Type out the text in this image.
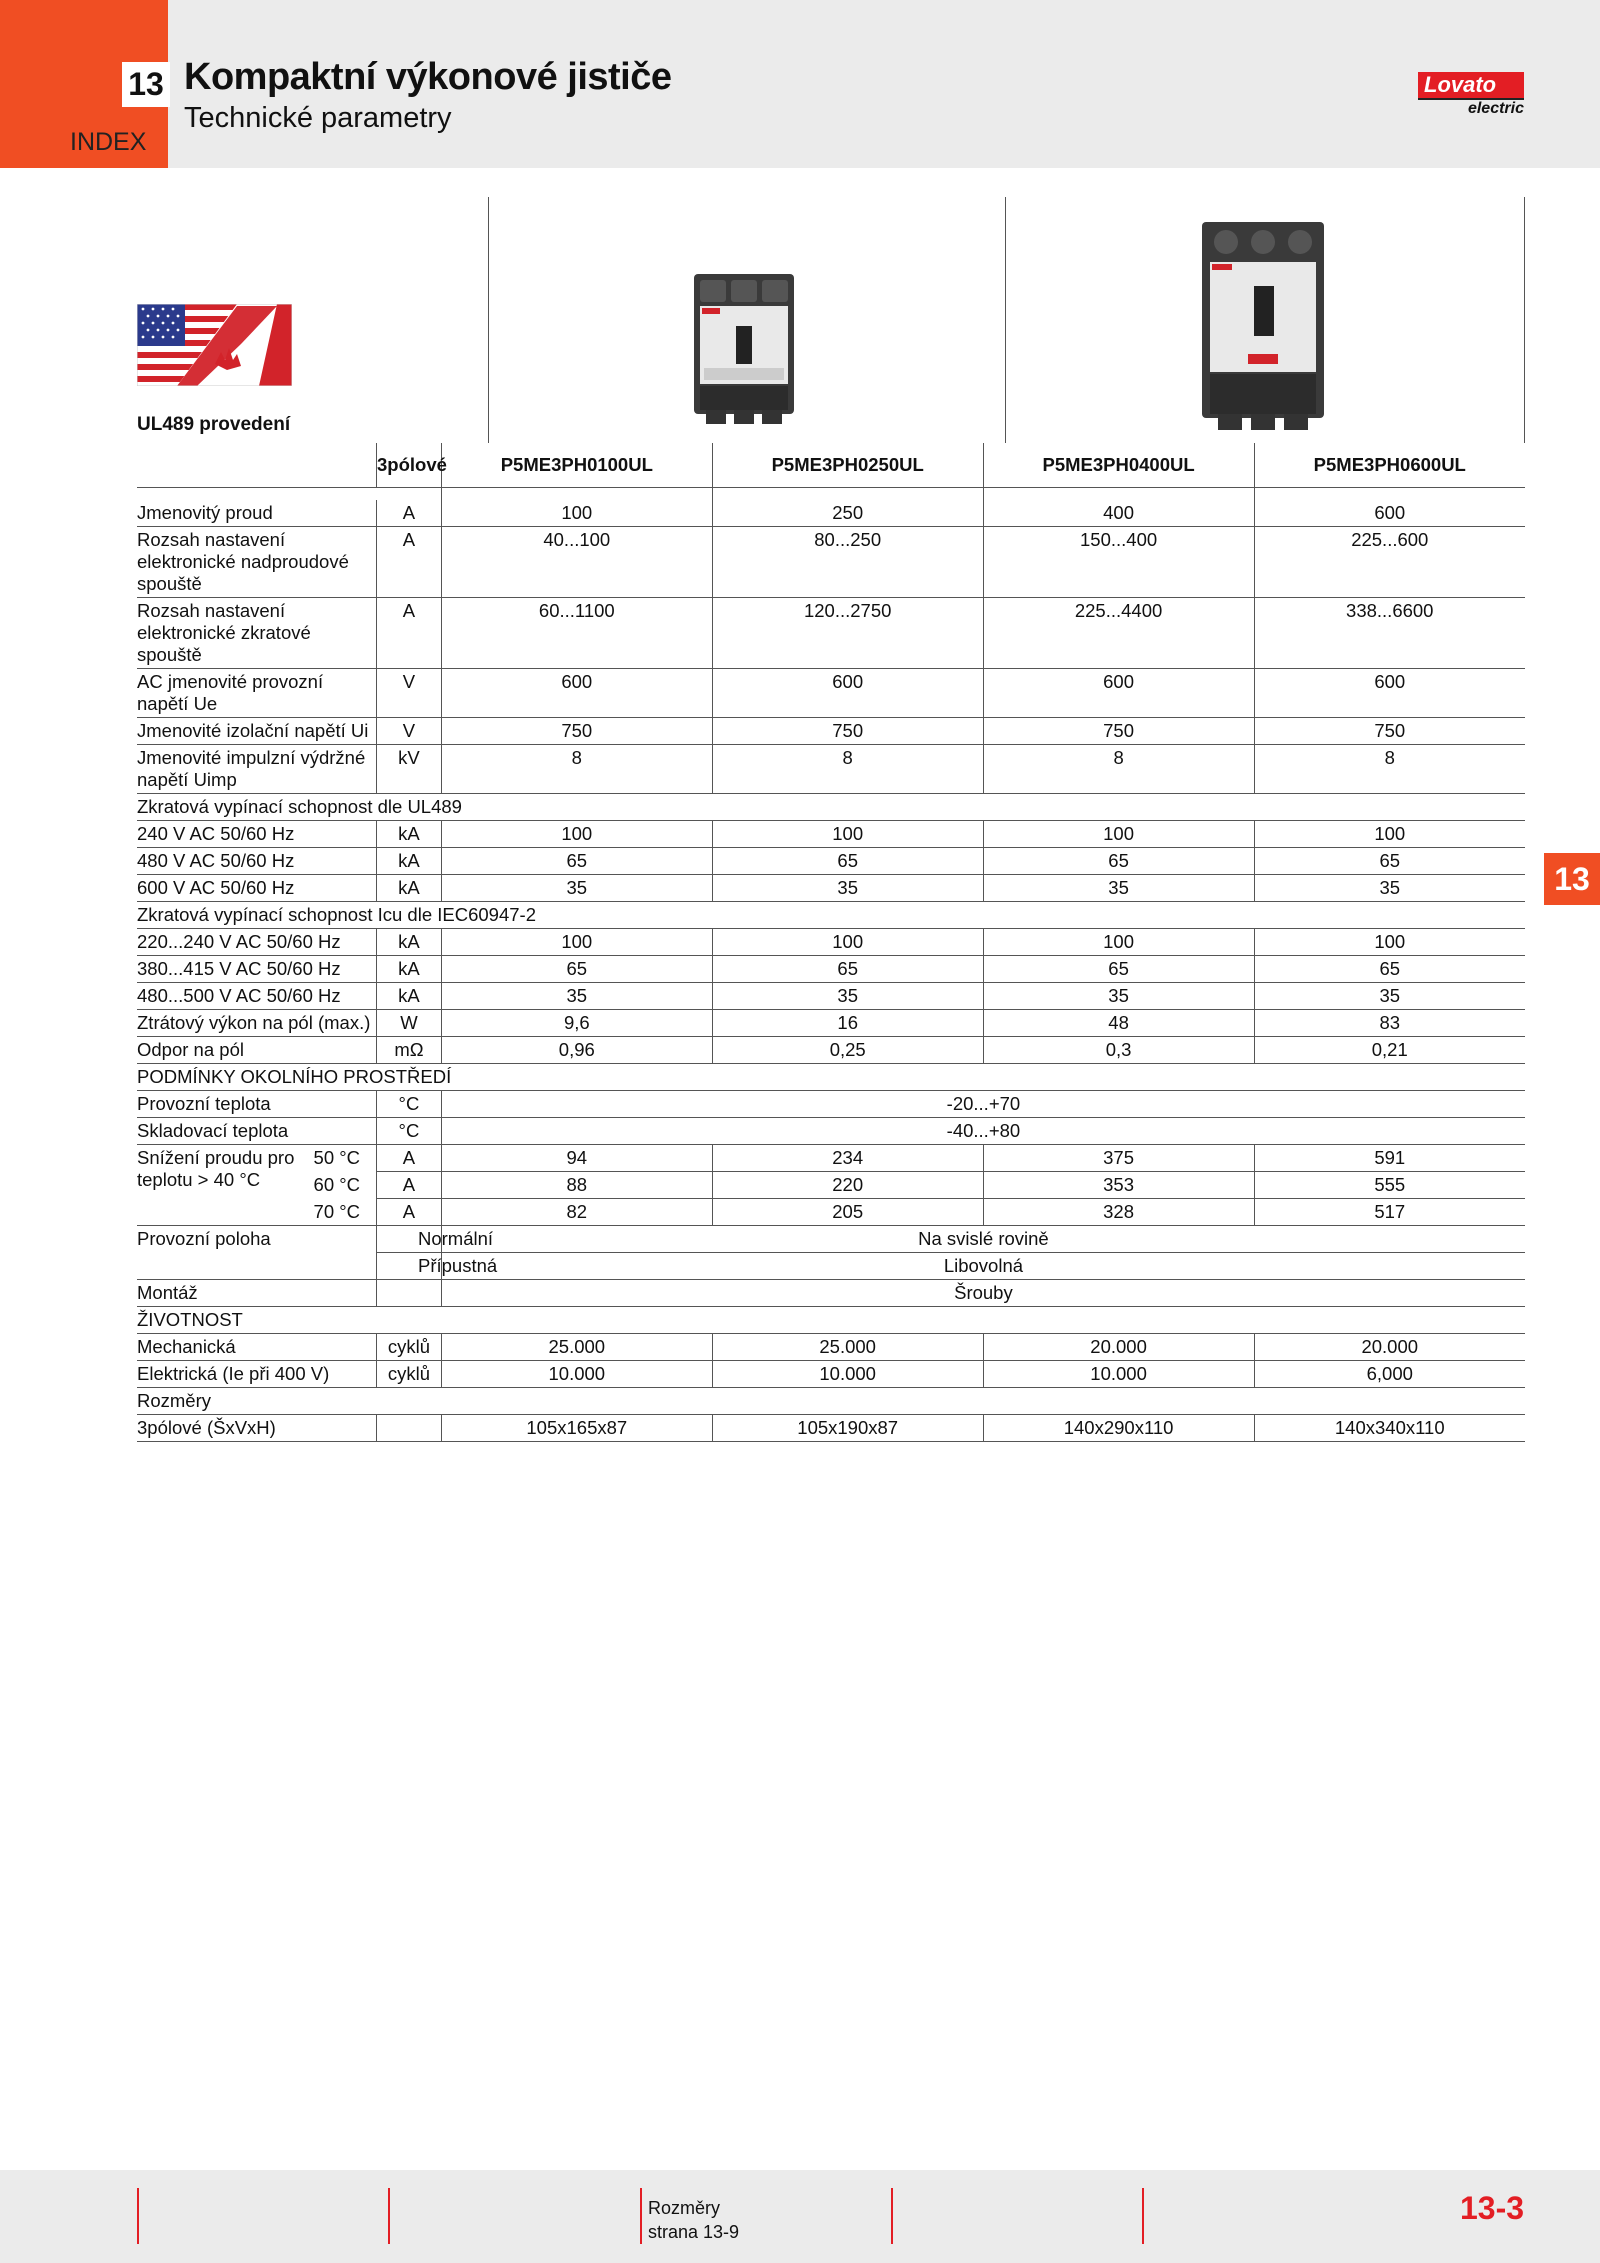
13
INDEX
Kompaktní výkonové jističe
Technické parametry
Lovato
electric
UL489 provedení
	3pólové	P5ME3PH0100UL	P5ME3PH0250UL	P5ME3PH0400UL	P5ME3PH0600UL

Jmenovitý proud	A	100	250	400	600
Rozsah nastavení elektronické nadproudové spouště	A	40...100	80...250	150...400	225...600
Rozsah nastavení elektronické zkratové spouště	A	60...1100	120...2750	225...4400	338...6600
AC jmenovité provozní napětí Ue	V	600	600	600	600
Jmenovité izolační napětí Ui	V	750	750	750	750
Jmenovité impulzní výdržné napětí Uimp	kV	8	8	8	8
Zkratová vypínací schopnost dle UL489					
240 V AC 50/60 Hz	kA	100	100	100	100
480 V AC 50/60 Hz	kA	65	65	65	65
600 V AC 50/60 Hz	kA	35	35	35	35
Zkratová vypínací schopnost Icu dle IEC60947-2					
220...240 V AC 50/60 Hz	kA	100	100	100	100
380...415 V AC 50/60 Hz	kA	65	65	65	65
480...500 V AC 50/60 Hz	kA	35	35	35	35
Ztrátový výkon na pól (max.)	W	9,6	16	48	83
Odpor na pól	mΩ	0,96	0,25	0,3	0,21
PODMÍNKY OKOLNÍHO PROSTŘEDÍ					
Provozní teplota	°C	-20...+70			
Skladovací teplota	°C	-40...+80			

Snížení proudu pro teplotu > 40 °C
50 °C	A	94	234	375	591

60 °C	A	88	220	353	555

70 °C	A	82	205	328	517
Provozní poloha Normální		Na svislé rovině			

Přípustná		Libovolná			
Montáž		Šrouby			
ŽIVOTNOST					
Mechanická	cyklů	25.000	25.000	20.000	20.000
Elektrická (Ie při 400 V)	cyklů	10.000	10.000	10.000	6,000
Rozměry					
3pólové (ŠxVxH)		105x165x87	105x190x87	140x290x110	140x340x110
13
Rozměry
strana 13-9
13-3
